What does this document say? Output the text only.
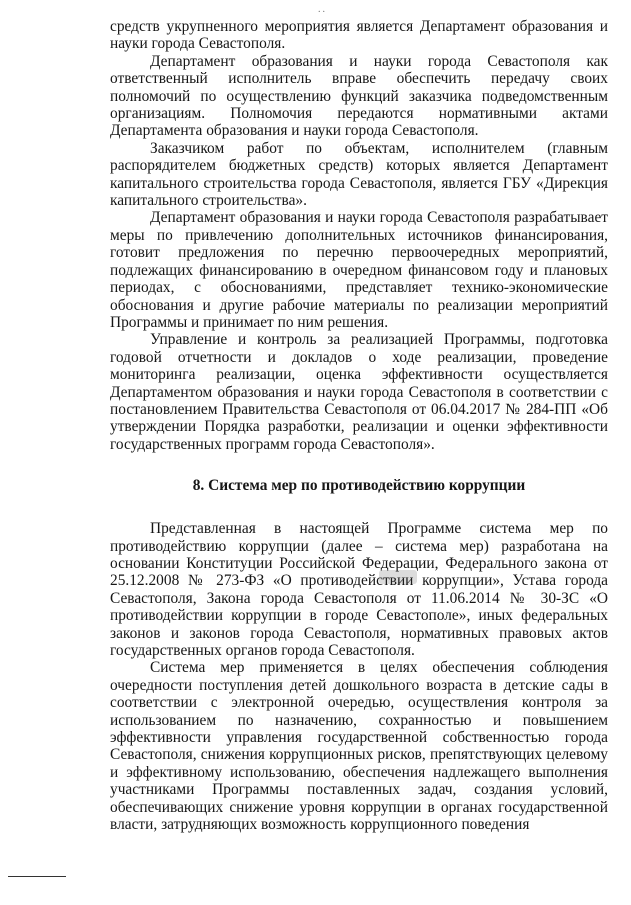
..

средств укрупненного мероприятия является Департамент образования и науки города Севастополя.

Департамент образования и науки города Севастополя как ответственный исполнитель вправе обеспечить передачу своих полномочий по осуществлению функций заказчика подведомственным организациям. Полномочия передаются нормативными актами Департамента образования и науки города Севастополя.

Заказчиком работ по объектам, исполнителем (главным распорядителем бюджетных средств) которых является Департамент капитального строительства города Севастополя, является ГБУ «Дирекция капитального строительства».

Департамент образования и науки города Севастополя разрабатывает меры по привлечению дополнительных источников финансирования, готовит предложения по перечню первоочередных мероприятий, подлежащих финансированию в очередном финансовом году и плановых периодах, с обоснованиями, представляет технико-экономические обоснования и другие рабочие материалы по реализации мероприятий Программы и принимает по ним решения.

Управление и контроль за реализацией Программы, подготовка годовой отчетности и докладов о ходе реализации, проведение мониторинга реализации, оценка эффективности осуществляется Департаментом образования и науки города Севастополя в соответствии с постановлением Правительства Севастополя от 06.04.2017 № 284-ПП «Об утверждении Порядка разработки, реализации и оценки эффективности государственных программ города Севастополя».

8. Система мер по противодействию коррупции

Представленная в настоящей Программе система мер по противодействию коррупции (далее – система мер) разработана на основании Конституции Российской Федерации, Федерального закона от 25.12.2008 № 273-ФЗ «О противодействии коррупции», Устава города Севастополя, Закона города Севастополя от 11.06.2014 № 30-ЗС «О противодействии коррупции в городе Севастополе», иных федеральных законов и законов города Севастополя, нормативных правовых актов государственных органов города Севастополя.

Система мер применяется в целях обеспечения соблюдения очередности поступления детей дошкольного возраста в детские сады в соответствии с электронной очередью, осуществления контроля за использованием по назначению, сохранностью и повышением эффективности управления государственной собственностью города Севастополя, снижения коррупционных рисков, препятствующих целевому и эффективному использованию, обеспечения надлежащего выполнения участниками Программы поставленных задач, создания условий, обеспечивающих снижение уровня коррупции в органах государственной власти, затрудняющих возможность коррупционного поведения
